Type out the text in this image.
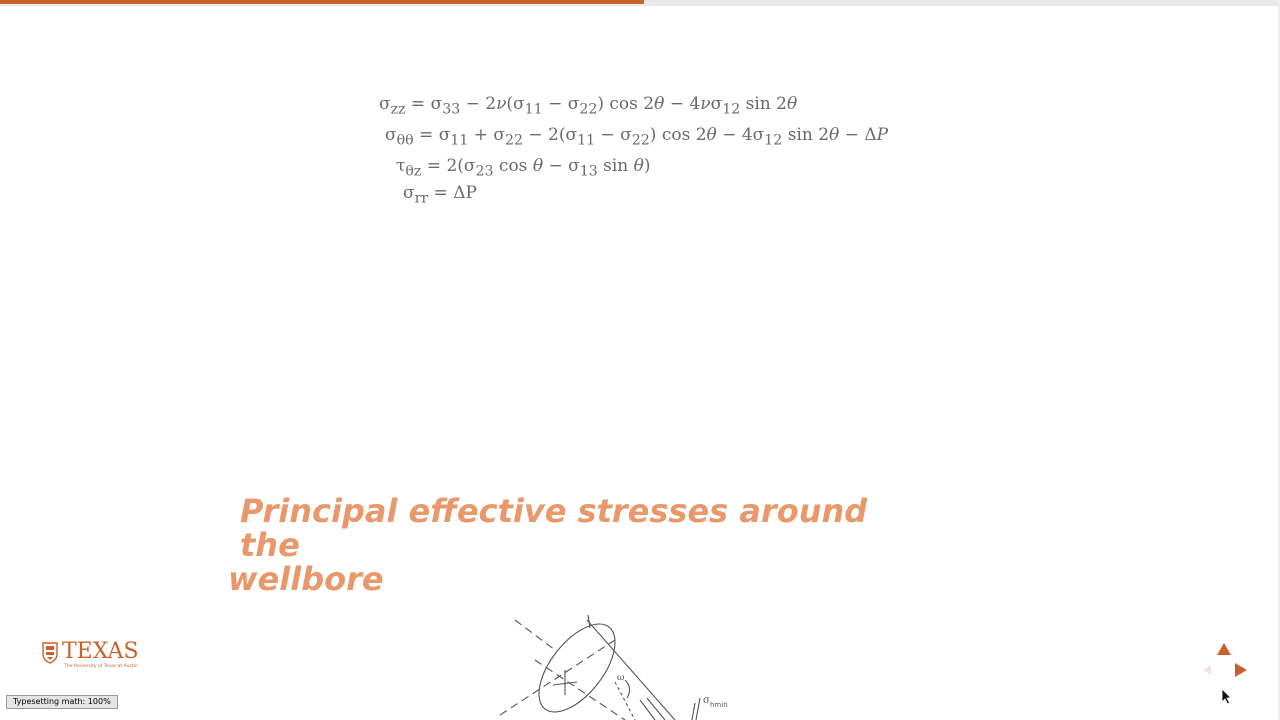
$\sigma_{zz} = \sigma_{33} - 2\nu(\sigma_{11} - \sigma_{22})$ $\cos 2\theta - 4\nu\sigma_{12}$ sin 2θ
$\sigma_{\theta\theta} = \sigma_{11} + \sigma_{22} - 2(\sigma_{11} - \sigma_{22})$ $\cos 2\theta - 4\sigma_{12}$ sin 2θ − ΔP
$\tau_{\theta z} = 2(\sigma_{23}$ $\cos \theta - \sigma_{13}$ sin θ)
$\sigma_{rr} = \Delta P$
Principal effective stresses around the
wellbore
ω
σ hmin
TEXAS
The University of Texas at Austin
Typesetting math: 100%
